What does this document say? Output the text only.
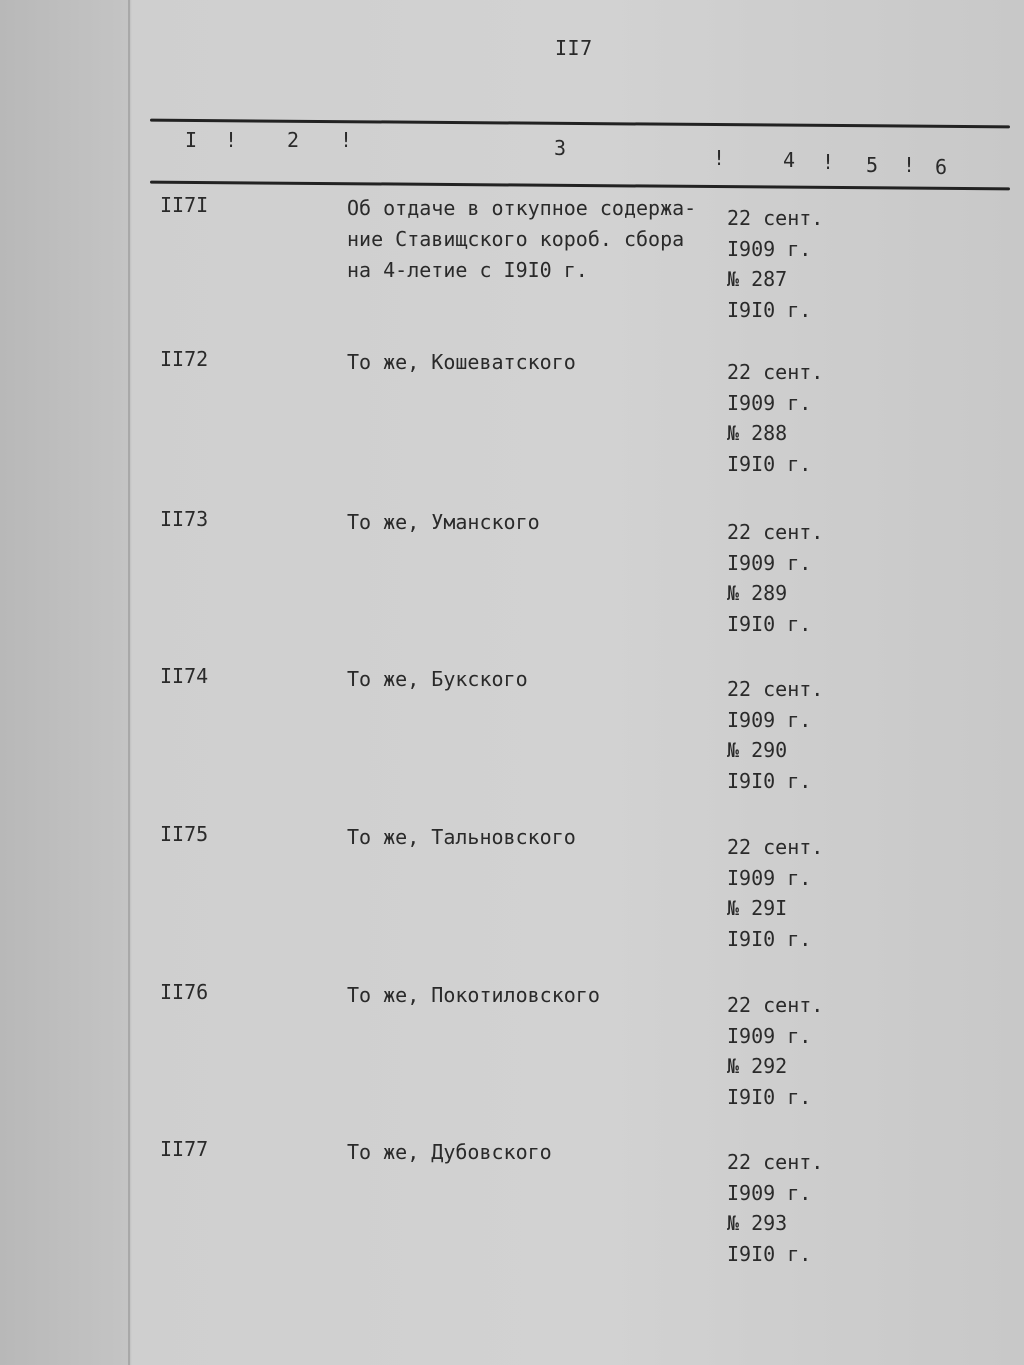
II7
I ! 2 !	3	!	4 ! 5 ! 6
II7I	Об отдаче в откупное содержа-
ние Ставищского короб. сбора
на 4-летие с I9I0 г.
22 сент.
I909 г.
№ 287
I9I0 г.
II72	То же, Кошеватского	22 сент.
I909 г.
№ 288
I9I0 г.
II73	То же, Уманского	22 сент.
I909 г.
№ 289
I9I0 г.
II74	То же, Букского	22 сент.
I909 г.
№ 290
I9I0 г.
II75	То же, Тальновского	22 сент.
I909 г.
№ 29I
I9I0 г.
II76	То же, Покотиловского	22 сент.
I909 г.
№ 292
I9I0 г.
II77	То же, Дубовского	22 сент.
I909 г.
№ 293
I9I0 г.
